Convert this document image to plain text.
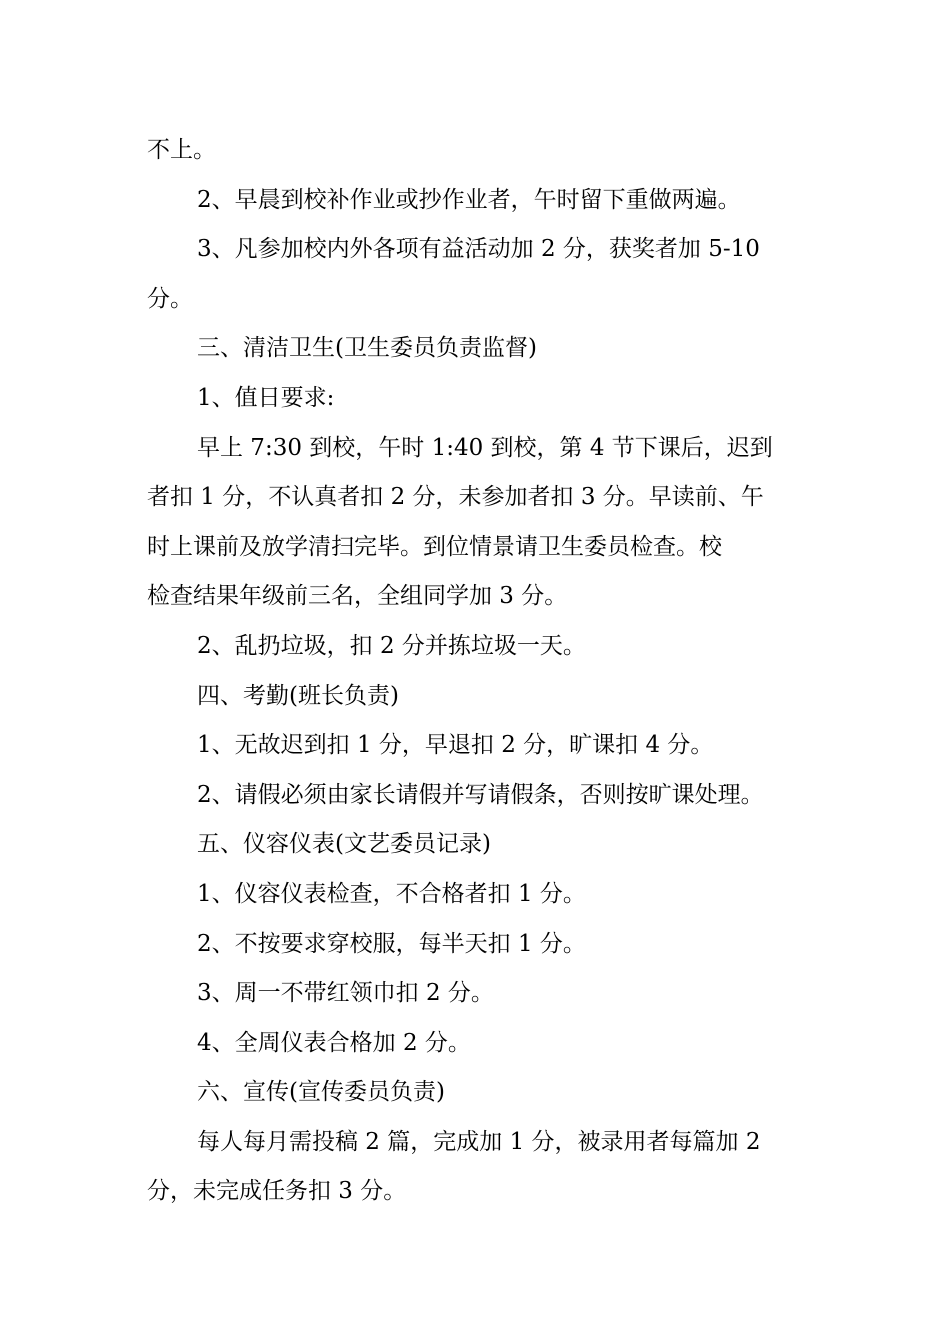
不上。
2、早晨到校补作业或抄作业者，午时留下重做两遍。
3、凡参加校内外各项有益活动加 2 分，获奖者加 5-10
分。
三、清洁卫生(卫生委员负责监督)
1、值日要求:
早上 7:30 到校，午时 1:40 到校，第 4 节下课后，迟到
者扣 1 分，不认真者扣 2 分，未参加者扣 3 分。早读前、午
时上课前及放学清扫完毕。到位情景请卫生委员检查。校
检查结果年级前三名，全组同学加 3 分。
2、乱扔垃圾，扣 2 分并拣垃圾一天。
四、考勤(班长负责)
1、无故迟到扣 1 分，早退扣 2 分，旷课扣 4 分。
2、请假必须由家长请假并写请假条，否则按旷课处理。
五、仪容仪表(文艺委员记录)
1、仪容仪表检查，不合格者扣 1 分。
2、不按要求穿校服，每半天扣 1 分。
3、周一不带红领巾扣 2 分。
4、全周仪表合格加 2 分。
六、宣传(宣传委员负责)
每人每月需投稿 2 篇，完成加 1 分，被录用者每篇加 2
分，未完成任务扣 3 分。
